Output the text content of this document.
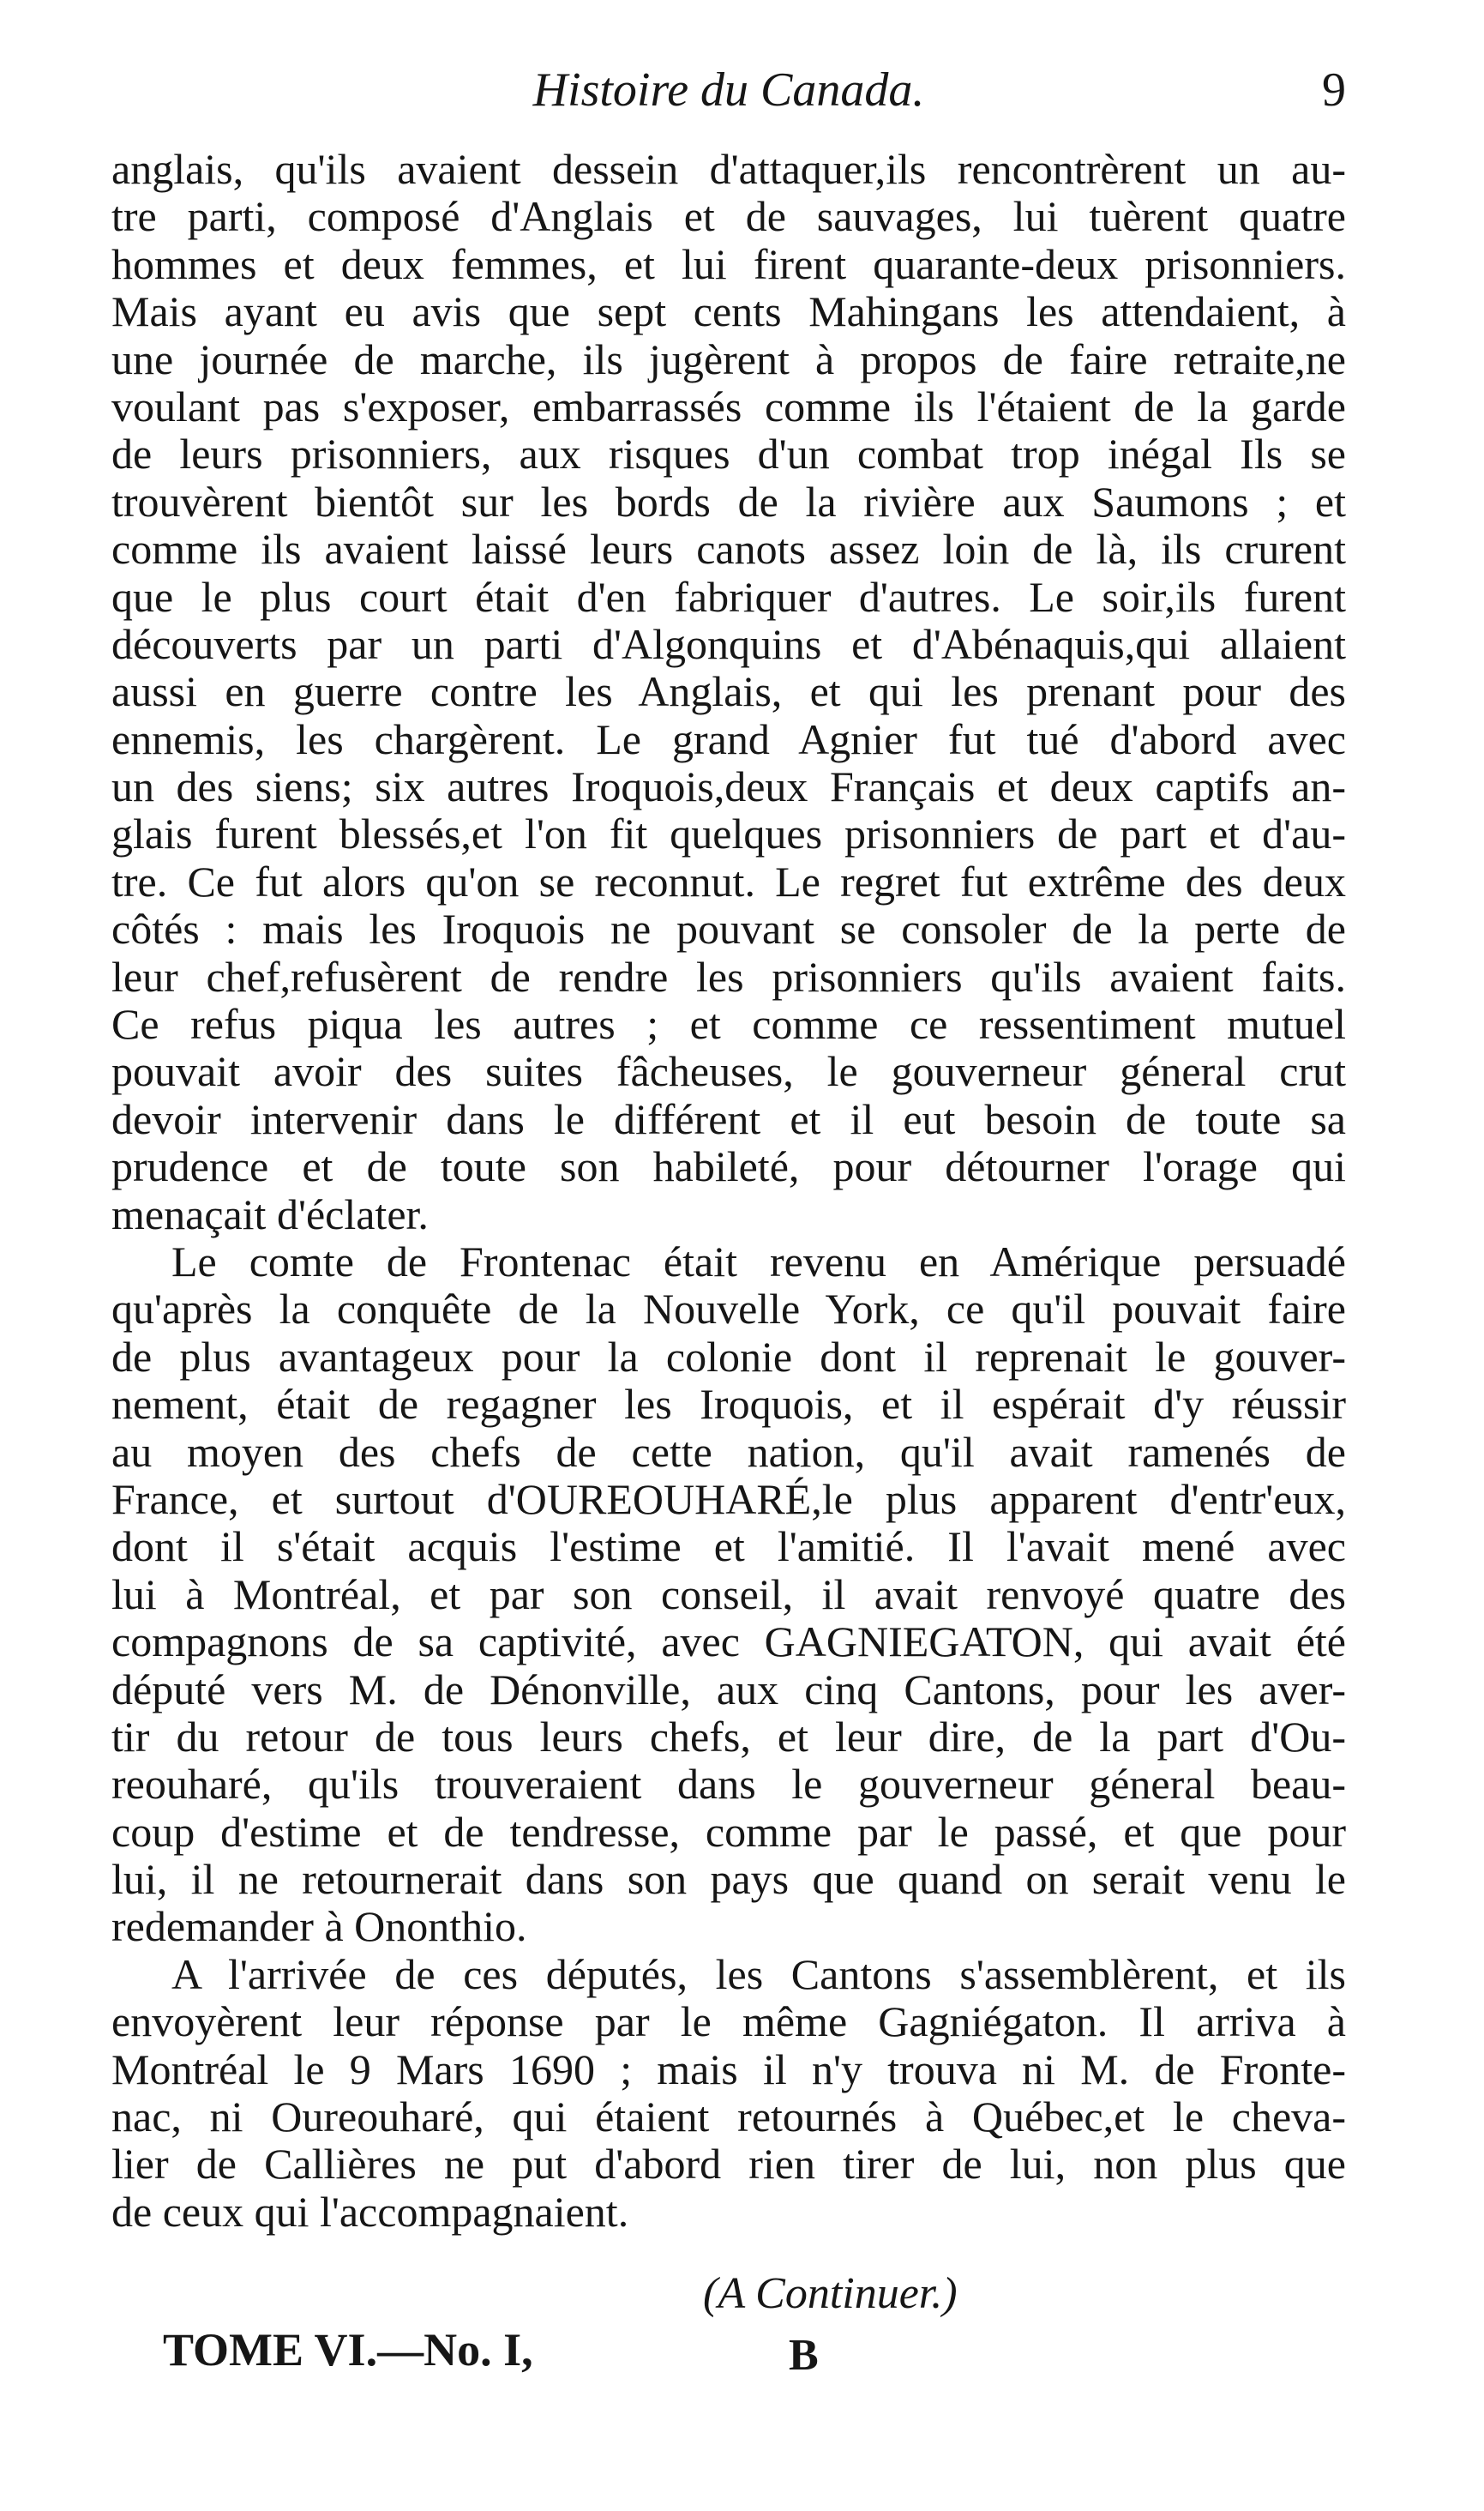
Histoire du Canada.	9
anglais, qu'ils avaient dessein d'attaquer,ils rencontrèrent un au-
tre parti, composé d'Anglais et de sauvages, lui tuèrent quatre
hommes et deux femmes, et lui firent quarante-deux prisonniers.
Mais ayant eu avis que sept cents Mahingans les attendaient, à
une journée de marche, ils jugèrent à propos de faire retraite,ne
voulant pas s'exposer, embarrassés comme ils l'étaient de la garde
de leurs prisonniers, aux risques d'un combat trop inégal Ils se
trouvèrent bientôt sur les bords de la rivière aux Saumons ; et
comme ils avaient laissé leurs canots assez loin de là, ils crurent
que le plus court était d'en fabriquer d'autres. Le soir,ils furent
découverts par un parti d'Algonquins et d'Abénaquis,qui allaient
aussi en guerre contre les Anglais, et qui les prenant pour des
ennemis, les chargèrent. Le grand Agnier fut tué d'abord avec
un des siens; six autres Iroquois,deux Français et deux captifs an-
glais furent blessés,et l'on fit quelques prisonniers de part et d'au-
tre. Ce fut alors qu'on se reconnut. Le regret fut extrême des deux
côtés : mais les Iroquois ne pouvant se consoler de la perte de
leur chef,refusèrent de rendre les prisonniers qu'ils avaient faits.
Ce refus piqua les autres ; et comme ce ressentiment mutuel
pouvait avoir des suites fâcheuses, le gouverneur géneral crut
devoir intervenir dans le différent et il eut besoin de toute sa
prudence et de toute son habileté, pour détourner l'orage qui
menaçait d'éclater.
Le comte de Frontenac était revenu en Amérique persuadé
qu'après la conquête de la Nouvelle York, ce qu'il pouvait faire
de plus avantageux pour la colonie dont il reprenait le gouver-
nement, était de regagner les Iroquois, et il espérait d'y réussir
au moyen des chefs de cette nation, qu'il avait ramenés de
France, et surtout d'OUREOUHARÉ,le plus apparent d'entr'eux,
dont il s'était acquis l'estime et l'amitié. Il l'avait mené avec
lui à Montréal, et par son conseil, il avait renvoyé quatre des
compagnons de sa captivité, avec GAGNIEGATON, qui avait été
député vers M. de Dénonville, aux cinq Cantons, pour les aver-
tir du retour de tous leurs chefs, et leur dire, de la part d'Ou-
reouharé, qu'ils trouveraient dans le gouverneur géneral beau-
coup d'estime et de tendresse, comme par le passé, et que pour
lui, il ne retournerait dans son pays que quand on serait venu le
redemander à Ononthio.
A l'arrivée de ces députés, les Cantons s'assemblèrent, et ils
envoyèrent leur réponse par le même Gagniégaton. Il arriva à
Montréal le 9 Mars 1690 ; mais il n'y trouva ni M. de Fronte-
nac, ni Oureouharé, qui étaient retournés à Québec,et le cheva-
lier de Callières ne put d'abord rien tirer de lui, non plus que
de ceux qui l'accompagnaient.
(A Continuer.)
TOME VI.—No. I,	B
